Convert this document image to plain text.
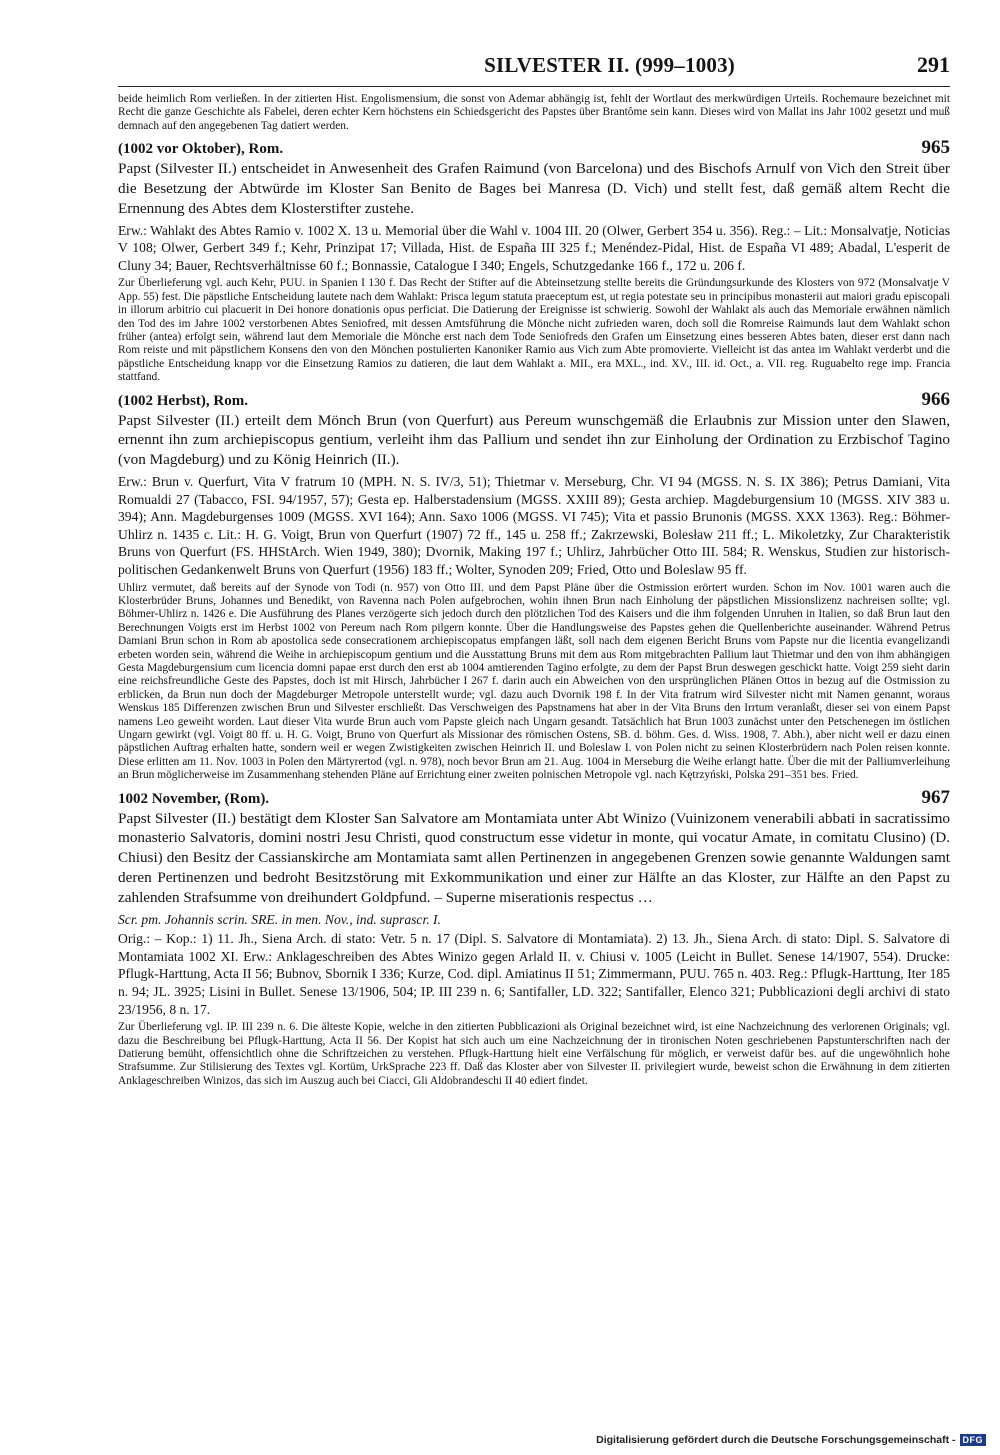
SILVESTER II. (999–1003)	291

beide heimlich Rom verließen. In der zitierten Hist. Engolismensium, die sonst von Ademar abhängig ist, fehlt der Wortlaut des merkwürdigen Urteils. Rochemaure bezeichnet mit Recht die ganze Geschichte als Fabelei, deren echter Kern höchstens ein Schiedsgericht des Papstes über Brantôme sein kann. Dieses wird von Mallat ins Jahr 1002 gesetzt und muß demnach auf den angegebenen Tag datiert werden.

(1002 vor Oktober), Rom.	965

Papst (Silvester II.) entscheidet in Anwesenheit des Grafen Raimund (von Barcelona) und des Bischofs Arnulf von Vich den Streit über die Besetzung der Abtwürde im Kloster San Benito de Bages bei Manresa (D. Vich) und stellt fest, daß gemäß altem Recht die Ernennung des Abtes dem Klosterstifter zustehe.

Erw.: Wahlakt des Abtes Ramio v. 1002 X. 13 u. Memorial über die Wahl v. 1004 III. 20 (Olwer, Gerbert 354 u. 356). Reg.: – Lit.: Monsalvatje, Noticias V 108; Olwer, Gerbert 349 f.; Kehr, Prinzipat 17; Villada, Hist. de España III 325 f.; Menéndez-Pidal, Hist. de España VI 489; Abadal, L'esperit de Cluny 34; Bauer, Rechtsverhältnisse 60 f.; Bonnassie, Catalogue I 340; Engels, Schutzgedanke 166 f., 172 u. 206 f.

Zur Überlieferung vgl. auch Kehr, PUU. in Spanien I 130 f. Das Recht der Stifter auf die Abteinsetzung stellte bereits die Gründungsurkunde des Klosters von 972 (Monsalvatje V App. 55) fest. Die päpstliche Entscheidung lautete nach dem Wahlakt: Prisca legum statuta praeceptum est, ut regia potestate seu in principibus monasterii aut maiori gradu episcopali in illorum arbitrio cui placuerit in Dei honore donationis opus perficiat. Die Datierung der Ereignisse ist schwierig. Sowohl der Wahlakt als auch das Memoriale erwähnen nämlich den Tod des im Jahre 1002 verstorbenen Abtes Seniofred, mit dessen Amtsführung die Mönche nicht zufrieden waren, doch soll die Romreise Raimunds laut dem Wahlakt schon früher (antea) erfolgt sein, während laut dem Memoriale die Mönche erst nach dem Tode Seniofreds den Grafen um Einsetzung eines besseren Abtes baten, dieser erst dann nach Rom reiste und mit päpstlichem Konsens den von den Mönchen postulierten Kanoniker Ramio aus Vich zum Abte promovierte. Vielleicht ist das antea im Wahlakt verderbt und die päpstliche Entscheidung knapp vor die Einsetzung Ramios zu datieren, die laut dem Wahlakt a. MII., era MXL., ind. XV., III. id. Oct., a. VII. reg. Ruguabelto rege imp. Francia stattfand.

(1002 Herbst), Rom.	966

Papst Silvester (II.) erteilt dem Mönch Brun (von Querfurt) aus Pereum wunschgemäß die Erlaubnis zur Mission unter den Slawen, ernennt ihn zum archiepiscopus gentium, verleiht ihm das Pallium und sendet ihn zur Einholung der Ordination zu Erzbischof Tagino (von Magdeburg) und zu König Heinrich (II.).

Erw.: Brun v. Querfurt, Vita V fratrum 10 (MPH. N. S. IV/3, 51); Thietmar v. Merseburg, Chr. VI 94 (MGSS. N. S. IX 386); Petrus Damiani, Vita Romualdi 27 (Tabacco, FSI. 94/1957, 57); Gesta ep. Halberstadensium (MGSS. XXIII 89); Gesta archiep. Magdeburgensium 10 (MGSS. XIV 383 u. 394); Ann. Magdeburgenses 1009 (MGSS. XVI 164); Ann. Saxo 1006 (MGSS. VI 745); Vita et passio Brunonis (MGSS. XXX 1363). Reg.: Böhmer-Uhlirz n. 1435 c. Lit.: H. G. Voigt, Brun von Querfurt (1907) 72 ff., 145 u. 258 ff.; Zakrzewski, Bolesław 211 ff.; L. Mikoletzky, Zur Charakteristik Bruns von Querfurt (FS. HHStArch. Wien 1949, 380); Dvornik, Making 197 f.; Uhlirz, Jahrbücher Otto III. 584; R. Wenskus, Studien zur historisch-politischen Gedankenwelt Bruns von Querfurt (1956) 183 ff.; Wolter, Synoden 209; Fried, Otto und Boleslaw 95 ff.

Uhlirz vermutet, daß bereits auf der Synode von Todi (n. 957) von Otto III. und dem Papst Pläne über die Ostmission erörtert wurden. Schon im Nov. 1001 waren auch die Klosterbrüder Bruns, Johannes und Benedikt, von Ravenna nach Polen aufgebrochen, wohin ihnen Brun nach Einholung der päpstlichen Missionslizenz nachreisen sollte; vgl. Böhmer-Uhlirz n. 1426 e. Die Ausführung des Planes verzögerte sich jedoch durch den plötzlichen Tod des Kaisers und die ihm folgenden Unruhen in Italien, so daß Brun laut den Berechnungen Voigts erst im Herbst 1002 von Pereum nach Rom pilgern konnte. Über die Handlungsweise des Papstes gehen die Quellenberichte auseinander. Während Petrus Damiani Brun schon in Rom ab apostolica sede consecrationem archiepiscopatus empfangen läßt, soll nach dem eigenen Bericht Bruns vom Papste nur die licentia evangelizandi erbeten worden sein, während die Weihe in archiepiscopum gentium und die Ausstattung Bruns mit dem aus Rom mitgebrachten Pallium laut Thietmar und den von ihm abhängigen Gesta Magdeburgensium cum licencia domni papae erst durch den erst ab 1004 amtierenden Tagino erfolgte, zu dem der Papst Brun deswegen geschickt hatte. Voigt 259 sieht darin eine reichsfreundliche Geste des Papstes, doch ist mit Hirsch, Jahrbücher I 267 f. darin auch ein Abweichen von den ursprünglichen Plänen Ottos in bezug auf die Ostmission zu erblicken, da Brun nun doch der Magdeburger Metropole unterstellt wurde; vgl. dazu auch Dvornik 198 f. In der Vita fratrum wird Silvester nicht mit Namen genannt, woraus Wenskus 185 Differenzen zwischen Brun und Silvester erschließt. Das Verschweigen des Papstnamens hat aber in der Vita Bruns den Irrtum veranlaßt, dieser sei von einem Papst namens Leo geweiht worden. Laut dieser Vita wurde Brun auch vom Papste gleich nach Ungarn gesandt. Tatsächlich hat Brun 1003 zunächst unter den Petschenegen im östlichen Ungarn gewirkt (vgl. Voigt 80 ff. u. H. G. Voigt, Bruno von Querfurt als Missionar des römischen Ostens, SB. d. böhm. Ges. d. Wiss. 1908, 7. Abh.), aber nicht weil er dazu einen päpstlichen Auftrag erhalten hatte, sondern weil er wegen Zwistigkeiten zwischen Heinrich II. und Boleslaw I. von Polen nicht zu seinen Klosterbrüdern nach Polen reisen konnte. Diese erlitten am 11. Nov. 1003 in Polen den Märtyrertod (vgl. n. 978), noch bevor Brun am 21. Aug. 1004 in Merseburg die Weihe erlangt hatte. Über die mit der Palliumverleihung an Brun möglicherweise im Zusammenhang stehenden Pläne auf Errichtung einer zweiten polnischen Metropole vgl. nach Kętrzyński, Polska 291–351 bes. Fried.

1002 November, (Rom).	967

Papst Silvester (II.) bestätigt dem Kloster San Salvatore am Montamiata unter Abt Winizo (Vuinizonem venerabili abbati in sacratissimo monasterio Salvatoris, domini nostri Jesu Christi, quod constructum esse videtur in monte, qui vocatur Amate, in comitatu Clusino) (D. Chiusi) den Besitz der Cassianskirche am Montamiata samt allen Pertinenzen in angegebenen Grenzen sowie genannte Waldungen samt deren Pertinenzen und bedroht Besitzstörung mit Exkommunikation und einer zur Hälfte an das Kloster, zur Hälfte an den Papst zu zahlenden Strafsumme von dreihundert Goldpfund. – Superne miserationis respectus …

Scr. pm. Johannis scrin. SRE. in men. Nov., ind. suprascr. I.

Orig.: – Kop.: 1) 11. Jh., Siena Arch. di stato: Vetr. 5 n. 17 (Dipl. S. Salvatore di Montamiata). 2) 13. Jh., Siena Arch. di stato: Dipl. S. Salvatore di Montamiata 1002 XI. Erw.: Anklageschreiben des Abtes Winizo gegen Arlald II. v. Chiusi v. 1005 (Leicht in Bullet. Senese 14/1907, 554). Drucke: Pflugk-Harttung, Acta II 56; Bubnov, Sbornik I 336; Kurze, Cod. dipl. Amiatinus II 51; Zimmermann, PUU. 765 n. 403. Reg.: Pflugk-Harttung, Iter 185 n. 94; JL. 3925; Lisini in Bullet. Senese 13/1906, 504; IP. III 239 n. 6; Santifaller, LD. 322; Santifaller, Elenco 321; Pubblicazioni degli archivi di stato 23/1956, 8 n. 17.

Zur Überlieferung vgl. IP. III 239 n. 6. Die älteste Kopie, welche in den zitierten Pubblicazioni als Original bezeichnet wird, ist eine Nachzeichnung des verlorenen Originals; vgl. dazu die Beschreibung bei Pflugk-Harttung, Acta II 56. Der Kopist hat sich auch um eine Nachzeichnung der in tironischen Noten geschriebenen Papstunterschriften nach der Datierung bemüht, offensichtlich ohne die Schriftzeichen zu verstehen. Pflugk-Harttung hielt eine Verfälschung für möglich, er verweist dafür bes. auf die ungewöhnlich hohe Strafsumme. Zur Stilisierung des Textes vgl. Kortüm, UrkSprache 223 ff. Daß das Kloster aber von Silvester II. privilegiert wurde, beweist schon die Erwähnung in dem zitierten Anklageschreiben Winizos, das sich im Auszug auch bei Ciacci, Gli Aldobrandeschi II 40 ediert findet.

Digitalisierung gefördert durch die Deutsche Forschungsgemeinschaft - DFG
